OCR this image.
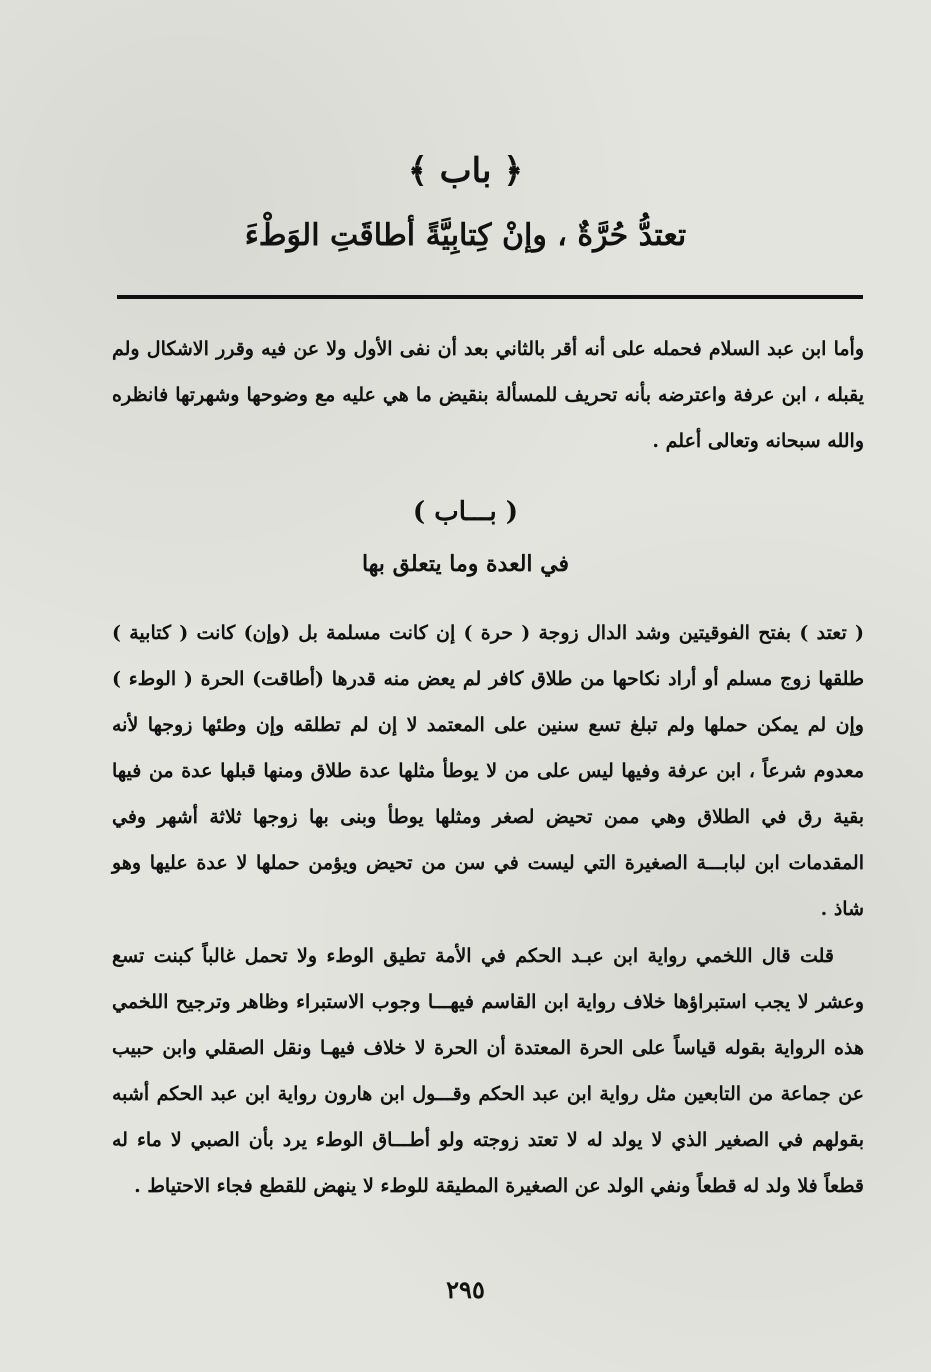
﴿ باب ﴾
تعتدُّ حُرَّةٌ ، وإنْ كِتابِيَّةً أطاقَتِ الوَطْءَ

وأما ابن عبد السلام فحمله على أنه أقر بالثاني بعد أن نفى الأول ولا عن فيه وقرر الاشكال ولم يقبله ، ابن عرفة واعترضه بأنه تحريف للمسألة بنقيض ما هي عليه مع وضوحها وشهرتها فانظره والله سبحانه وتعالى أعلم .

( بـــاب )
في العدة وما يتعلق بها

( تعتد ) بفتح الفوقيتين وشد الدال زوجة ( حرة ) إن كانت مسلمة بل (وإن) كانت ( كتابية ) طلقها زوج مسلم أو أراد نكاحها من طلاق كافر لم يعض منه قدرها (أطاقت) الحرة ( الوطء ) وإن لم يمكن حملها ولم تبلغ تسع سنين على المعتمد لا إن لم تطلقه وإن وطئها زوجها لأنه معدوم شرعاً ، ابن عرفة وفيها ليس على من لا يوطأ مثلها عدة طلاق ومنها قبلها عدة من فيها بقية رق في الطلاق وهي ممن تحيض لصغر ومثلها يوطأ وبنى بها زوجها ثلاثة أشهر وفي المقدمات ابن لبابـــة الصغيرة التي ليست في سن من تحيض ويؤمن حملها لا عدة عليها وهو شاذ .

قلت قال اللخمي رواية ابن عبـد الحكم في الأمة تطيق الوطء ولا تحمل غالباً كبنت تسع وعشر لا يجب استبراؤها خلاف رواية ابن القاسم فيهـــا وجوب الاستبراء وظاهر وترجيح اللخمي هذه الرواية بقوله قياساً على الحرة المعتدة أن الحرة لا خلاف فيهـا ونقل الصقلي وابن حبيب عن جماعة من التابعين مثل رواية ابن عبد الحكم وقـــول ابن هارون رواية ابن عبد الحكم أشبه بقولهم في الصغير الذي لا يولد له لا تعتد زوجته ولو أطـــاق الوطء يرد بأن الصبي لا ماء له قطعاً فلا ولد له قطعاً ونفي الولد عن الصغيرة المطيقة للوطء لا ينهض للقطع فجاء الاحتياط .

٢٩٥
